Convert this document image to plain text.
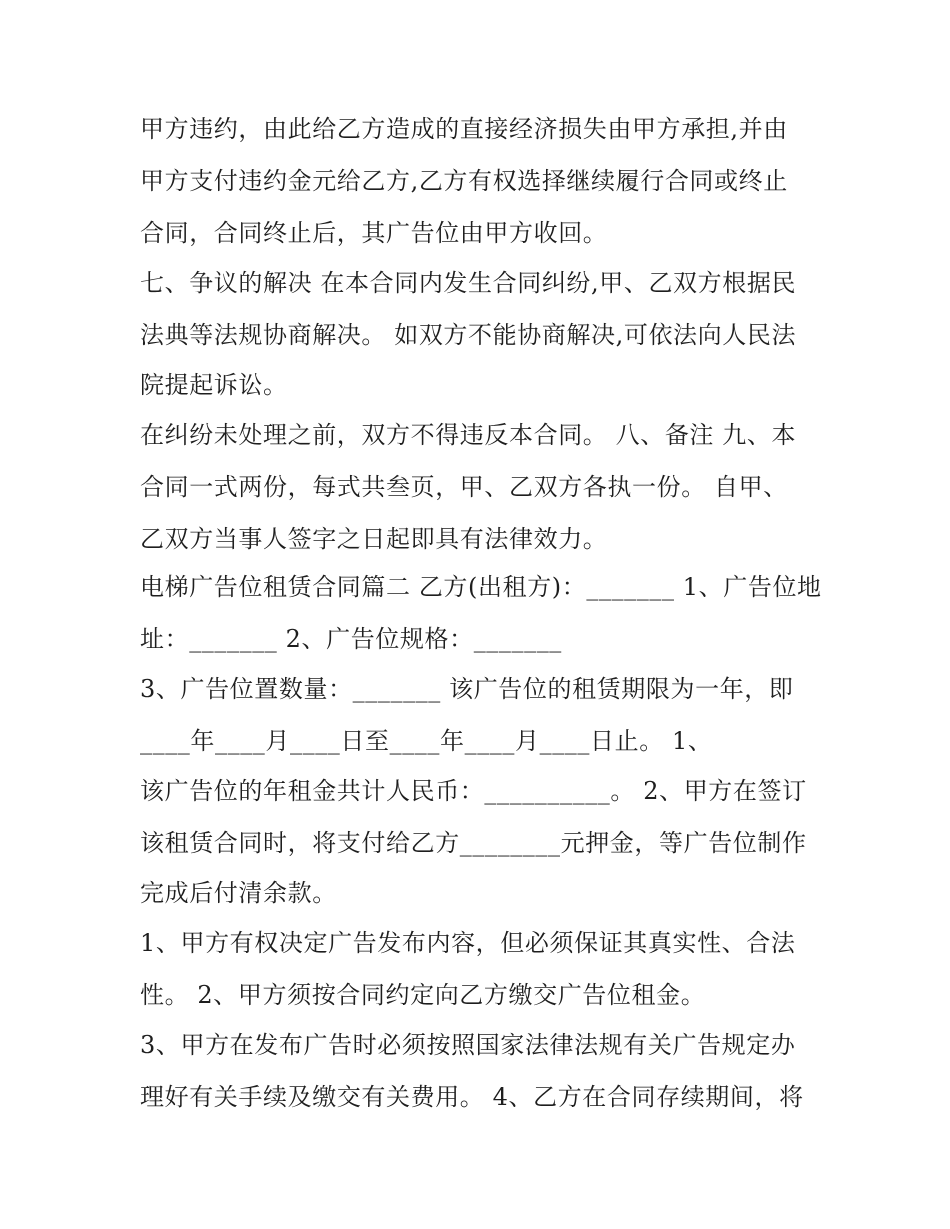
甲方违约，由此给乙方造成的直接经济损失由甲方承担,并由
甲方支付违约金元给乙方,乙方有权选择继续履行合同或终止
合同，合同终止后，其广告位由甲方收回。
七、争议的解决 在本合同内发生合同纠纷,甲、乙双方根据民
法典等法规协商解决。 如双方不能协商解决,可依法向人民法
院提起诉讼。
在纠纷未处理之前，双方不得违反本合同。 八、备注 九、本
合同一式两份，每式共叁页，甲、乙双方各执一份。 自甲、
乙双方当事人签字之日起即具有法律效力。
电梯广告位租赁合同篇二 乙方(出租方)：_______ 1、广告位地
址：_______ 2、广告位规格：_______
3、广告位置数量：_______ 该广告位的租赁期限为一年，即
____年____月____日至____年____月____日止。 1、
该广告位的年租金共计人民币：__________。 2、甲方在签订
该租赁合同时，将支付给乙方________元押金，等广告位制作
完成后付清余款。
1、甲方有权决定广告发布内容，但必须保证其真实性、合法
性。 2、甲方须按合同约定向乙方缴交广告位租金。
3、甲方在发布广告时必须按照国家法律法规有关广告规定办
理好有关手续及缴交有关费用。 4、乙方在合同存续期间，将
